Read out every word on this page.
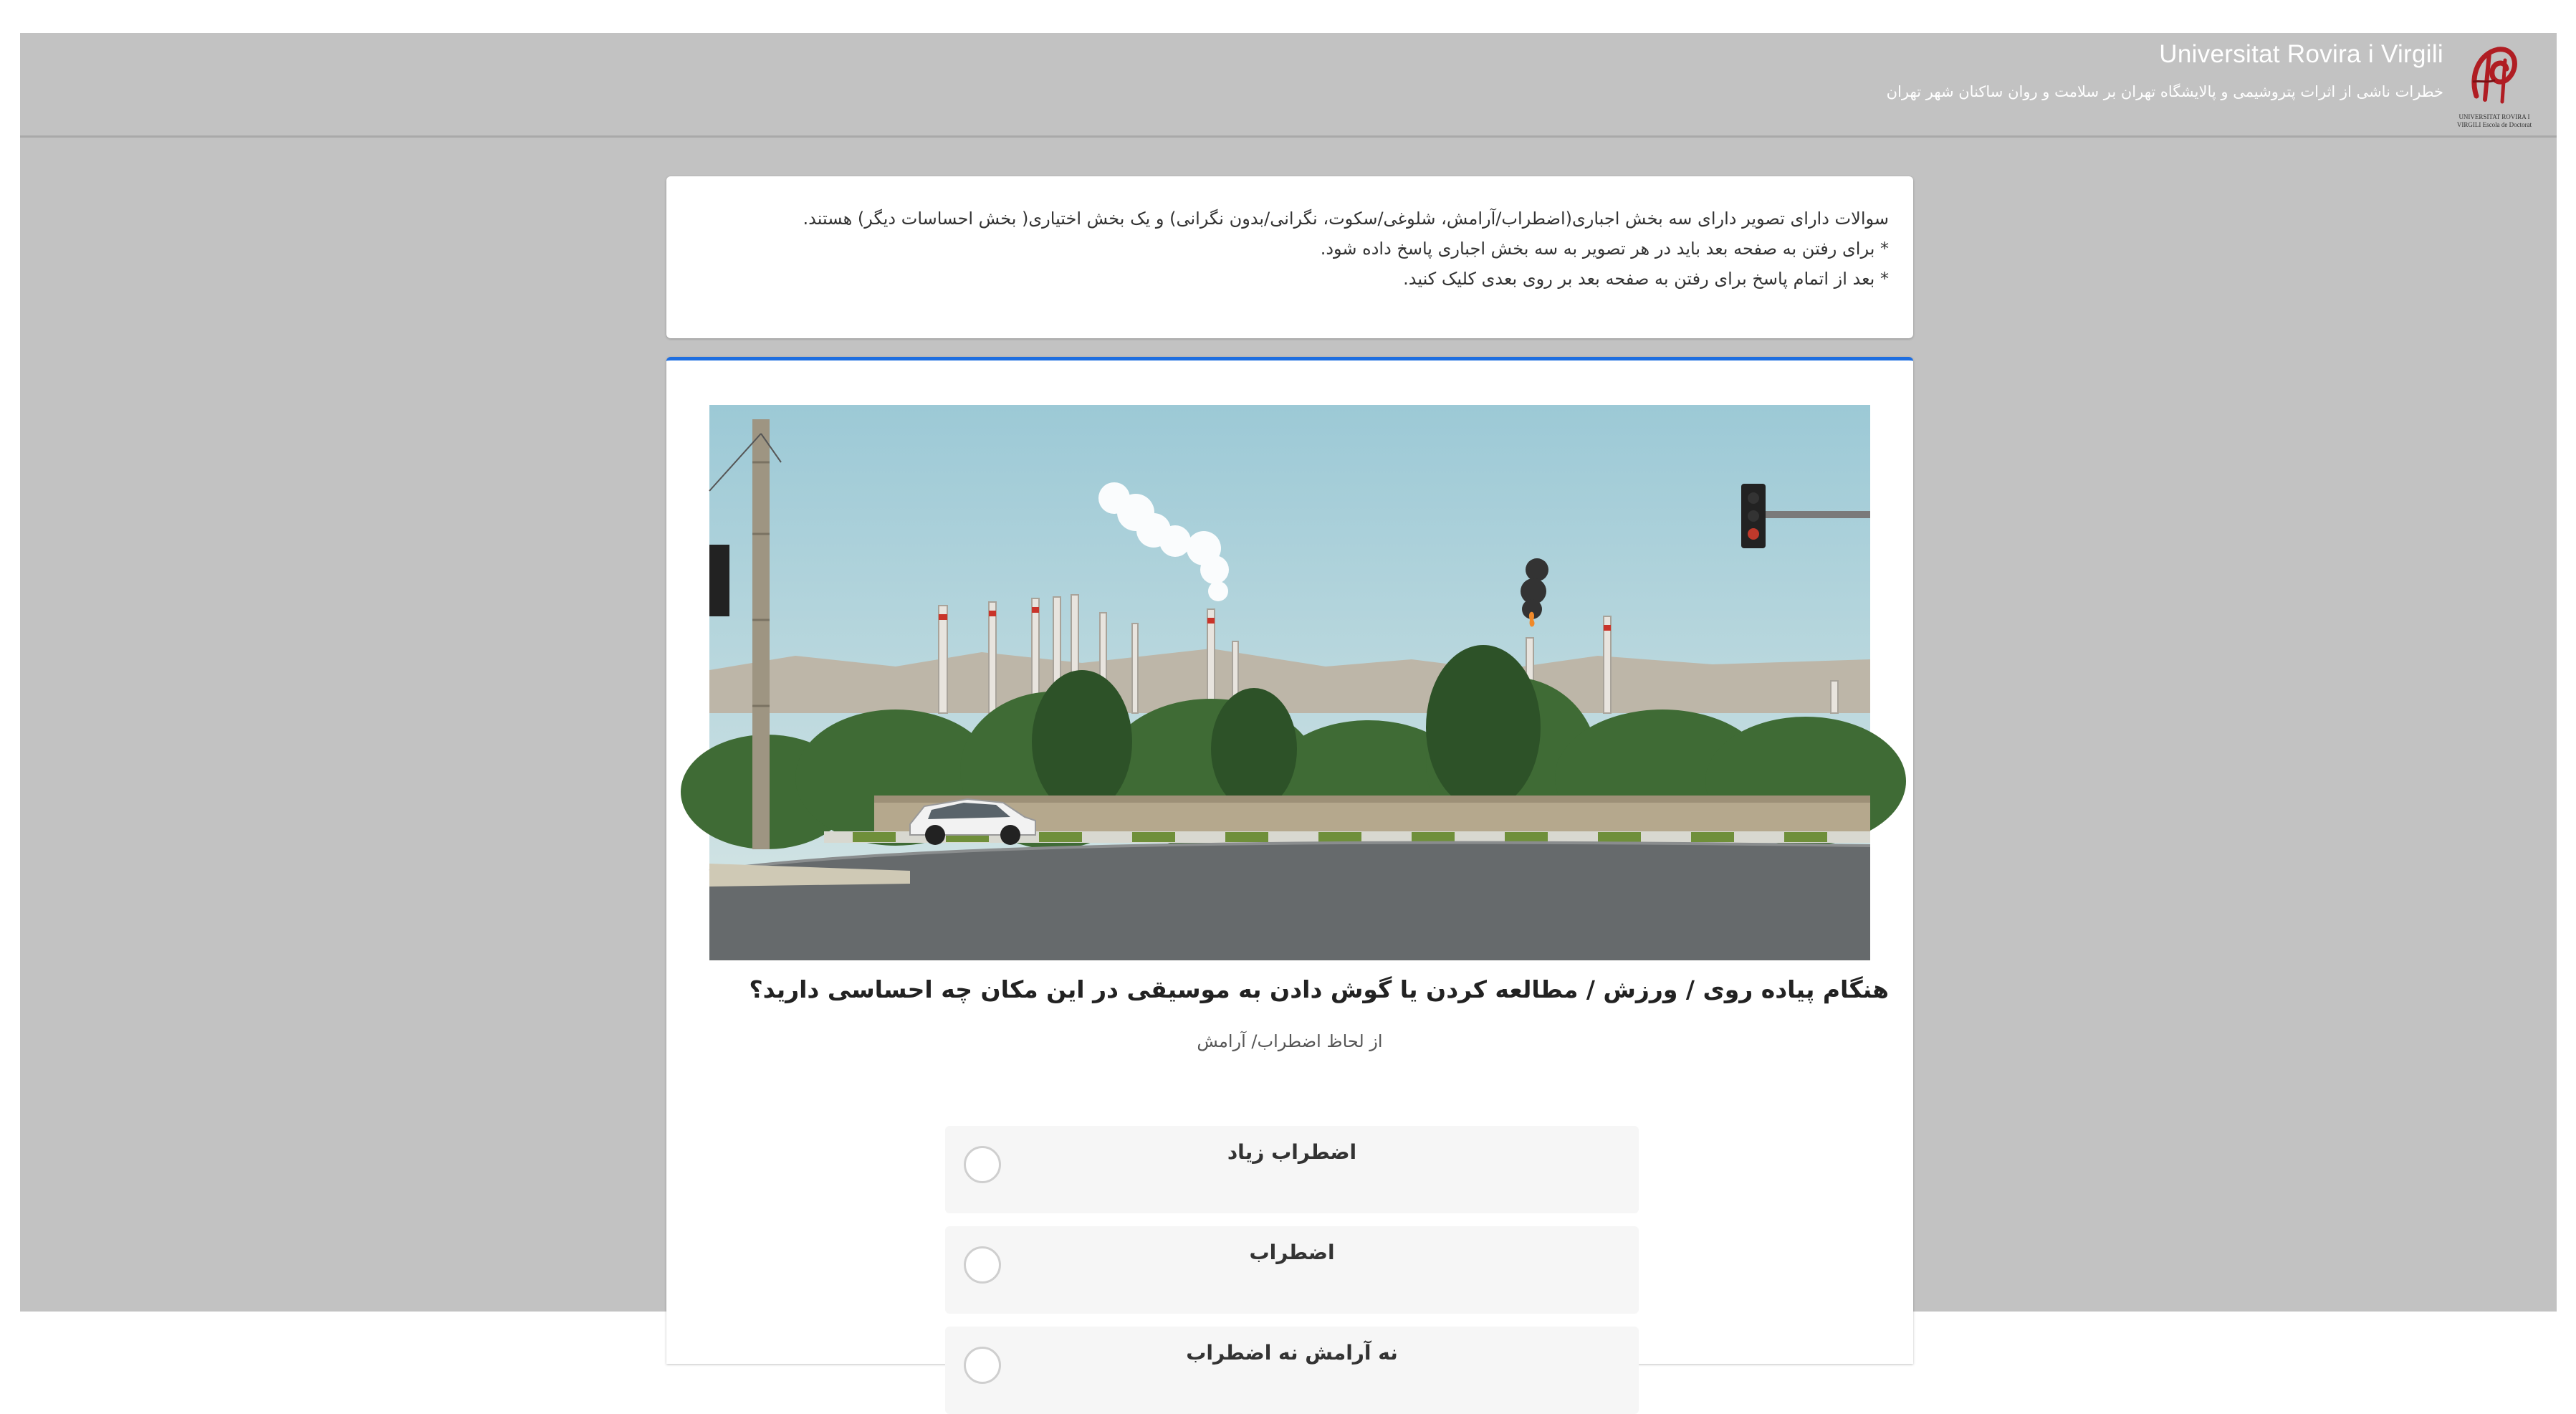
Universitat Rovira i Virgili
خطرات ناشی از اثرات پتروشیمی و پالایشگاه تهران بر سلامت و روان ساکنان شهر تهران
UNIVERSITAT ROVIRA I VIRGILI Escola de Doctorat
سوالات دارای تصویر دارای سه بخش اجباری(اضطراب/آرامش، شلوغی/سکوت، نگرانی/بدون نگرانی) و یک بخش اختیاری( بخش احساسات دیگر) هستند.
* برای رفتن به صفحه بعد باید در هر تصویر به سه بخش اجباری پاسخ داده شود.
* بعد از اتمام پاسخ برای رفتن به صفحه بعد بر روی بعدی کلیک کنید.
هنگام پیاده روی / ورزش / مطالعه کردن یا گوش دادن به موسیقی در این مکان چه احساسی دارید؟
از لحاظ اضطراب/ آرامش
اضطراب زیاد
اضطراب
نه آرامش نه اضطراب
